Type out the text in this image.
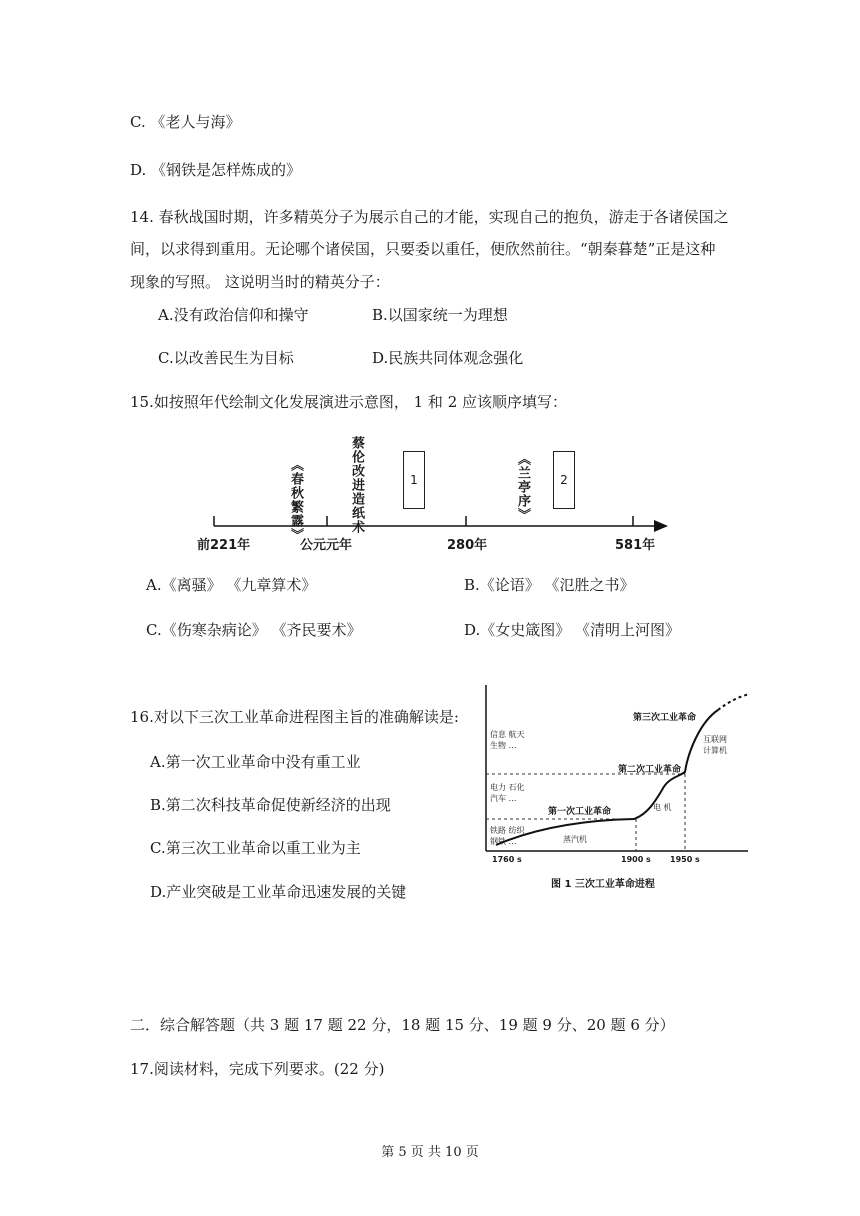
C. 《老人与海》
D. 《钢铁是怎样炼成的》
14. 春秋战国时期，许多精英分子为展示自己的才能，实现自己的抱负，游走于各诸侯国之
间，以求得到重用。无论哪个诸侯国，只要委以重任，便欣然前往。“朝秦暮楚”正是这种
现象的写照。 这说明当时的精英分子：
A.没有政治信仰和操守	B.以国家统一为理想
C.以改善民生为目标	D.民族共同体观念强化
15.如按照年代绘制文化发展演进示意图， 1 和 2 应该顺序填写：
前221年	公元元年	280年	581年
《春秋繁露》	蔡伦改进造纸术	《兰亭序》
1	2
A.《离骚》 《九章算术》	B.《论语》 《氾胜之书》
C.《伤寒杂病论》 《齐民要术》	D.《女史箴图》 《清明上河图》
16.对以下三次工业革命进程图主旨的准确解读是:
A.第一次工业革命中没有重工业
B.第二次科技革命促使新经济的出现
C.第三次工业革命以重工业为主
D.产业突破是工业革命迅速发展的关键
第三次工业革命
第二次工业革命
第一次工业革命
信息 航天
生物 …
互联网
计算机
电力 石化
汽车 …
电 机
铁路 纺织
钢铁 …	蒸汽机
1760 s	1900 s 1950 s
图 1 三次工业革命进程
二．综合解答题（共 3 题 17 题 22 分，18 题 15 分、19 题 9 分、20 题 6 分）
17.阅读材料，完成下列要求。(22 分)
第 5 页 共 10 页
